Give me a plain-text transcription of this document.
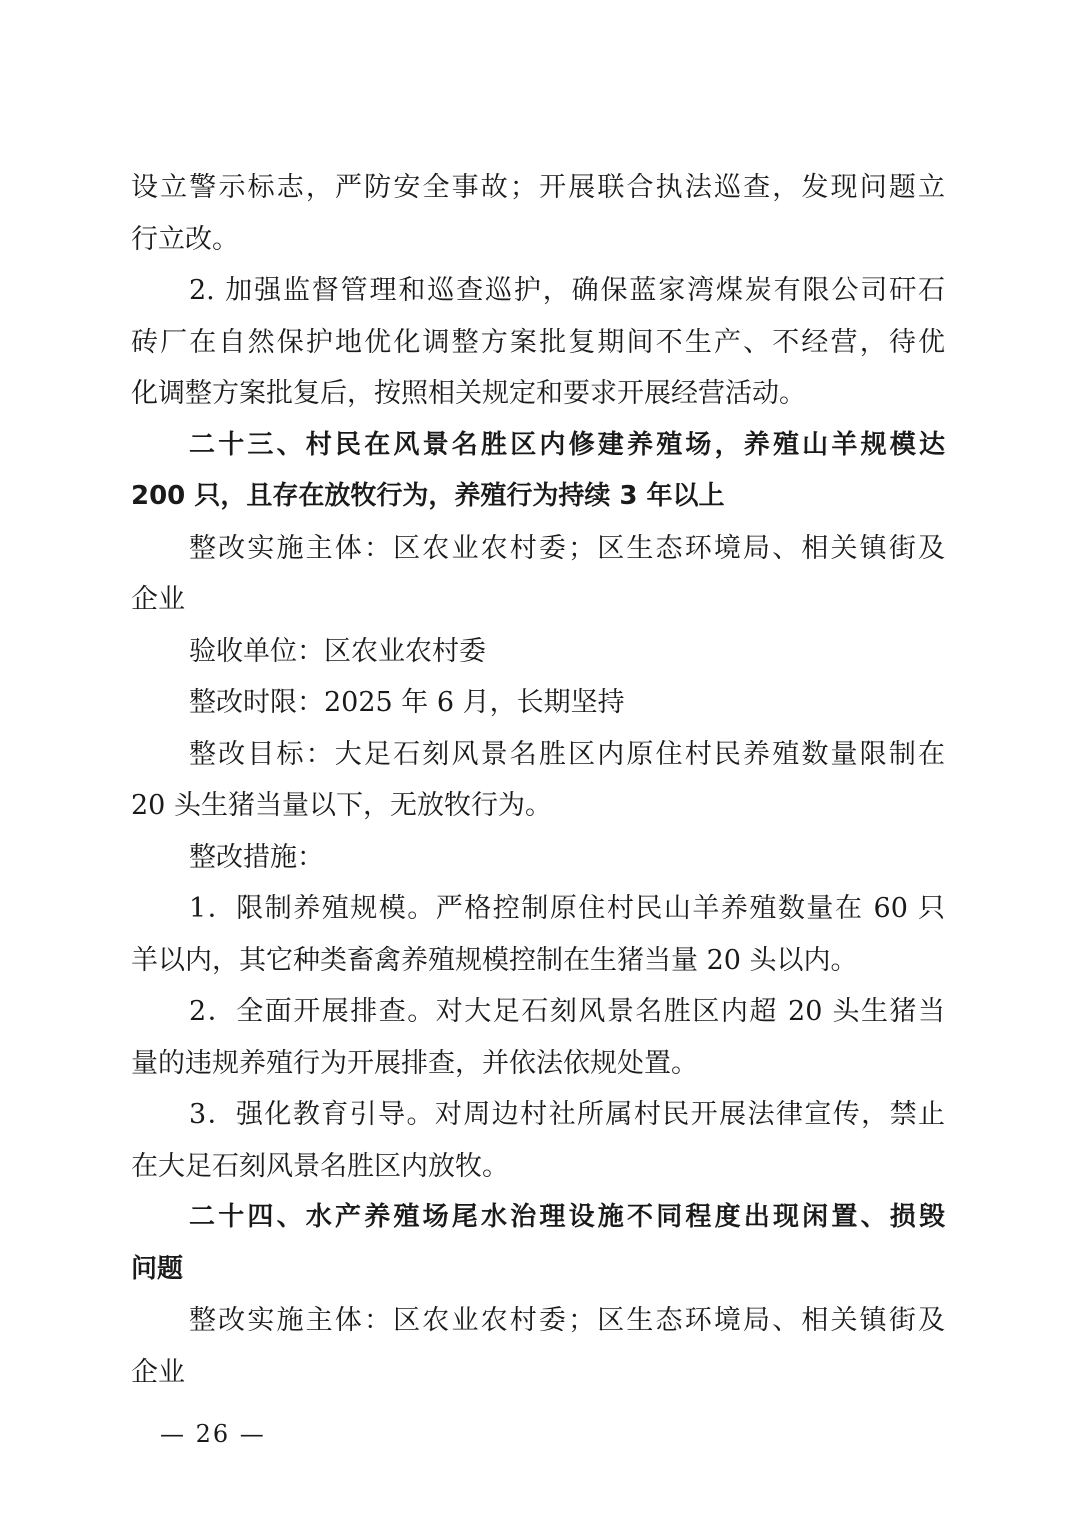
设立警示标志，严防安全事故；开展联合执法巡查，发现问题立
行立改。
2. 加强监督管理和巡查巡护，确保蓝家湾煤炭有限公司矸石
砖厂在自然保护地优化调整方案批复期间不生产、不经营，待优
化调整方案批复后，按照相关规定和要求开展经营活动。
二十三、村民在风景名胜区内修建养殖场，养殖山羊规模达
200 只，且存在放牧行为，养殖行为持续 3 年以上
整改实施主体：区农业农村委；区生态环境局、相关镇街及
企业
验收单位：区农业农村委
整改时限：2025 年 6 月，长期坚持
整改目标：大足石刻风景名胜区内原住村民养殖数量限制在
20 头生猪当量以下，无放牧行为。
整改措施：
1．限制养殖规模。严格控制原住村民山羊养殖数量在 60 只
羊以内，其它种类畜禽养殖规模控制在生猪当量 20 头以内。
2．全面开展排查。对大足石刻风景名胜区内超 20 头生猪当
量的违规养殖行为开展排查，并依法依规处置。
3．强化教育引导。对周边村社所属村民开展法律宣传，禁止
在大足石刻风景名胜区内放牧。
二十四、水产养殖场尾水治理设施不同程度出现闲置、损毁
问题
整改实施主体：区农业农村委；区生态环境局、相关镇街及
企业
— 26 —
